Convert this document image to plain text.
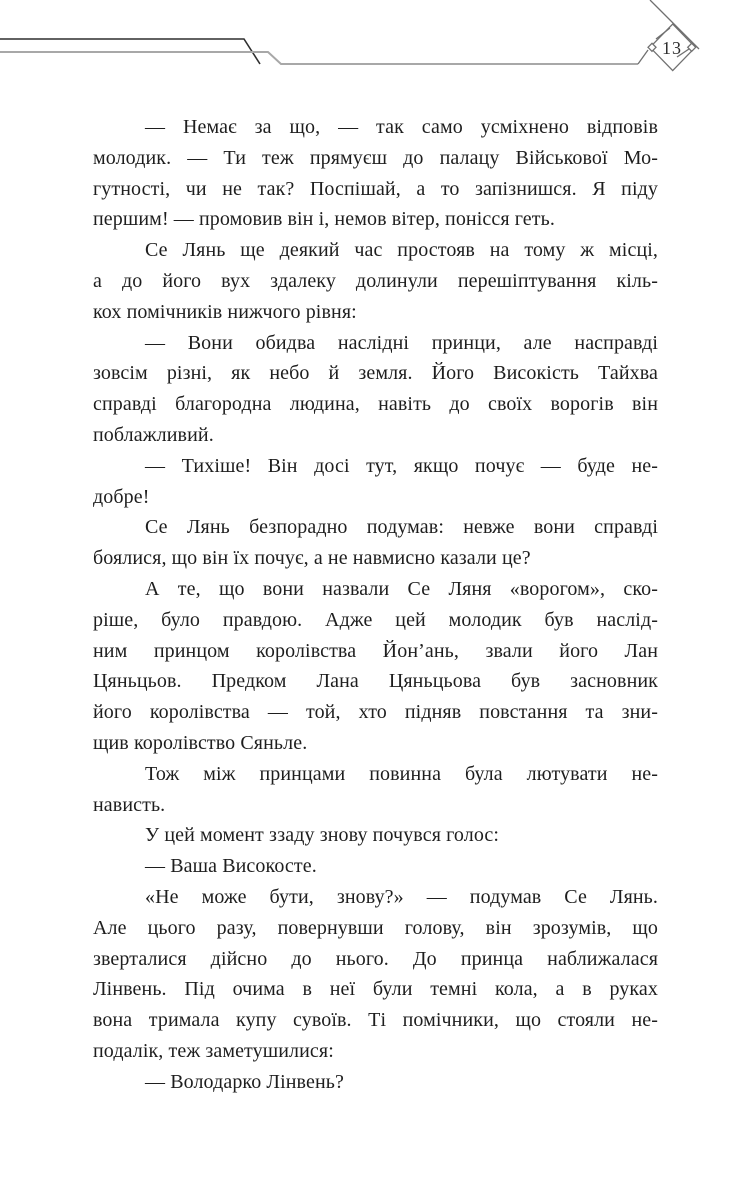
13

— Немає за що, — так само усміхнено відповів
молодик. — Ти теж прямуєш до палацу Військової Мо-
гутності, чи не так? Поспішай, а то запізнишся. Я піду
першим! — промовив він і, немов вітер, понісся геть.

Се Лянь ще деякий час простояв на тому ж місці,
а до його вух здалеку долинули перешіптування кіль-
кох помічників нижчого рівня:

— Вони обидва наслідні принци, але насправді
зовсім різні, як небо й земля. Його Високість Тайхва
справді благородна людина, навіть до своїх ворогів він
поблажливий.

— Тихіше! Він досі тут, якщо почує — буде не-
добре!

Се Лянь безпорадно подумав: невже вони справді
боялися, що він їх почує, а не навмисно казали це?

А те, що вони назвали Се Ляня «ворогом», ско-
ріше, було правдою. Адже цей молодик був наслід-
ним принцом королівства Йон’ань, звали його Лан
Цяньцьов. Предком Лана Цяньцьова був засновник
його королівства — той, хто підняв повстання та зни-
щив королівство Сяньле.

Тож між принцами повинна була лютувати не-
нависть.

У цей момент ззаду знову почувся голос:

— Ваша Високосте.

«Не може бути, знову?» — подумав Се Лянь.
Але цього разу, повернувши голову, він зрозумів, що
зверталися дійсно до нього. До принца наближалася
Лінвень. Під очима в неї були темні кола, а в руках
вона тримала купу сувоїв. Ті помічники, що стояли не-
подалік, теж заметушилися:

— Володарко Лінвень?
